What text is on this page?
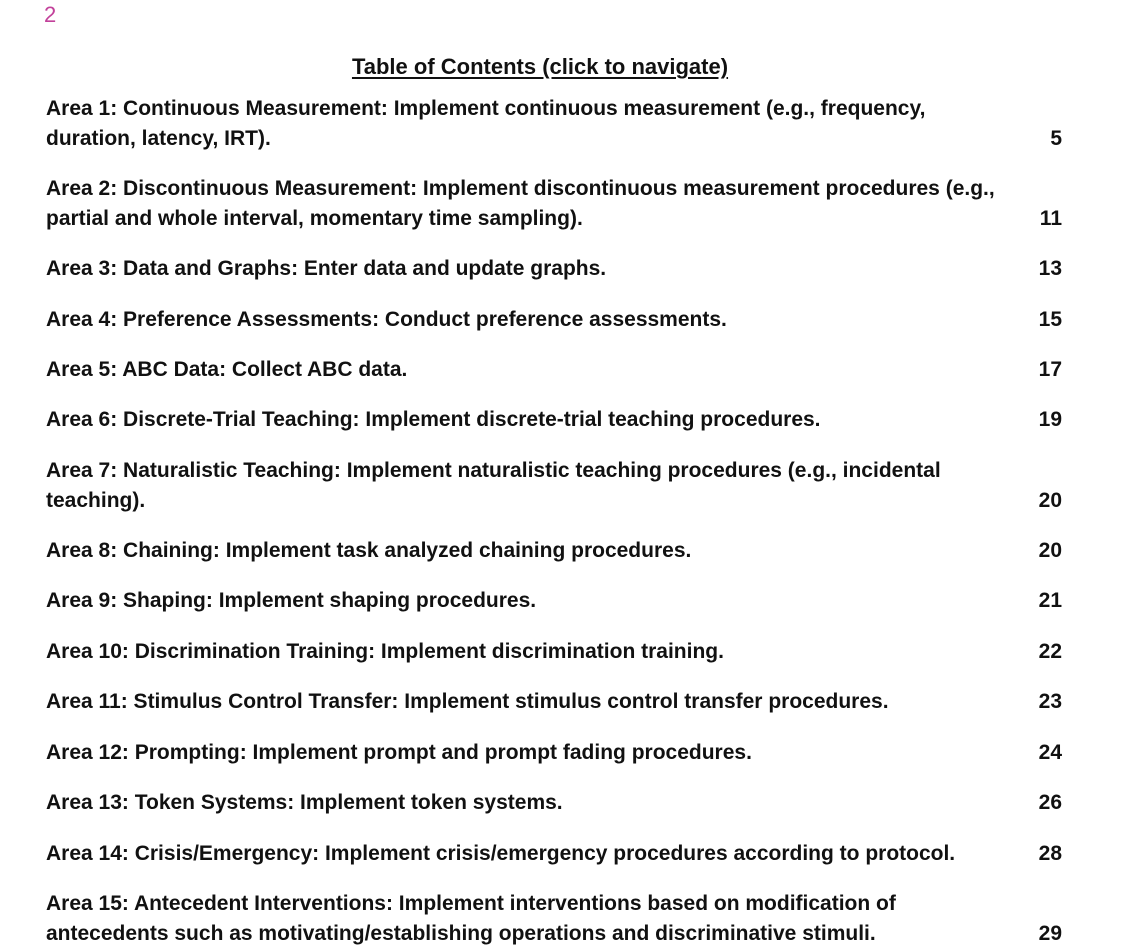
2
Table of Contents (click to navigate)
Area 1: Continuous Measurement: Implement continuous measurement (e.g., frequency, duration, latency, IRT).	5
Area 2: Discontinuous Measurement: Implement discontinuous measurement procedures (e.g., partial and whole interval, momentary time sampling).	11
Area 3: Data and Graphs: Enter data and update graphs.	13
Area 4: Preference Assessments: Conduct preference assessments.	15
Area 5: ABC Data: Collect ABC data.	17
Area 6: Discrete-Trial Teaching: Implement discrete-trial teaching procedures.	19
Area 7: Naturalistic Teaching: Implement naturalistic teaching procedures (e.g., incidental teaching).	20
Area 8: Chaining: Implement task analyzed chaining procedures.	20
Area 9: Shaping: Implement shaping procedures.	21
Area 10: Discrimination Training: Implement discrimination training.	22
Area 11: Stimulus Control Transfer: Implement stimulus control transfer procedures.	23
Area 12: Prompting: Implement prompt and prompt fading procedures.	24
Area 13: Token Systems: Implement token systems.	26
Area 14: Crisis/Emergency: Implement crisis/emergency procedures according to protocol.	28
Area 15: Antecedent Interventions: Implement interventions based on modification of antecedents such as motivating/establishing operations and discriminative stimuli.	29
